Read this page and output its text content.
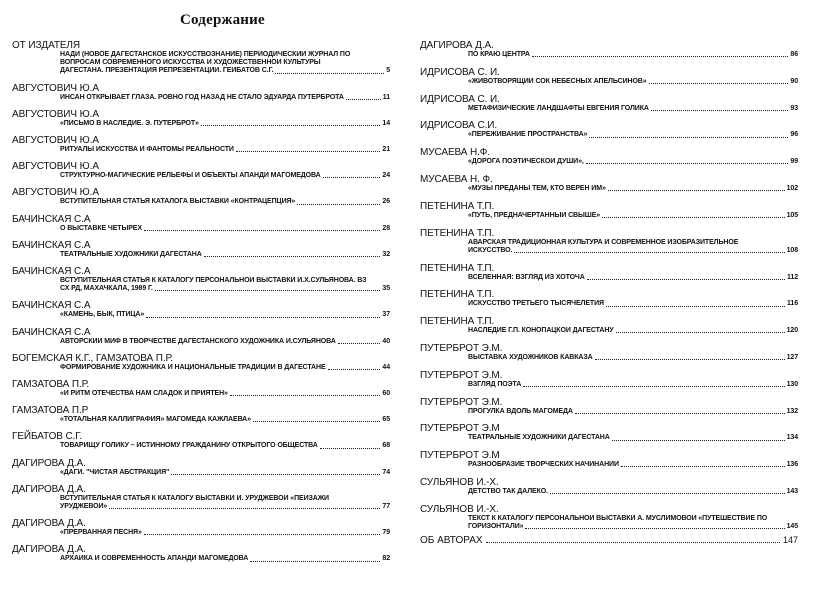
Содержание
ОТ ИЗДАТЕЛЯ
НАДИ (НОВОЕ ДАГЕСТАНСКОЕ ИСКУССТВОЗНАНИЕ) ПЕРИОДИЧЕСКИЙ ЖУРНАЛ ПО
ВОПРОСАМ СОВРЕМЕННОГО ИСКУССТВА И ХУДОЖЕСТВЕННОЙ КУЛЬТУРЫ
ДАГЕСТАНА. ПРЕЗЕНТАЦИЯ РЕПРЕЗЕНТАЦИЙ. ГЕЙБАТОВ С.Г.	5
АВГУСТОВИЧ Ю.А
ИНСАН ОТКРЫВАЕТ ГЛАЗА. РОВНО ГОД НАЗАД НЕ СТАЛО ЭДУАРДА ПУТЕРБРОТА	11
АВГУСТОВИЧ Ю.А
«ПИСЬМО В НАСЛЕДИЕ. Э. ПУТЕРБРОТ»	14
АВГУСТОВИЧ Ю.А
РИТУАЛЫ ИСКУССТВА И ФАНТОМЫ РЕАЛЬНОСТИ	21
АВГУСТОВИЧ Ю.А
СТРУКТУРНО-МАГИЧЕСКИЕ РЕЛЬЕФЫ И ОБЪЕКТЫ АПАНДИ МАГОМЕДОВА	24
АВГУСТОВИЧ Ю.А
ВСТУПИТЕЛЬНАЯ СТАТЬЯ КАТАЛОГА ВЫСТАВКИ «КОНТРАЦЕПЦИЯ»	26
БАЧИНСКАЯ С.А
О ВЫСТАВКЕ ЧЕТЫРЕХ	28
БАЧИНСКАЯ С.А
ТЕАТРАЛЬНЫЕ ХУДОЖНИКИ ДАГЕСТАНА	32
БАЧИНСКАЯ С.А
ВСТУПИТЕЛЬНАЯ СТАТЬЯ К КАТАЛОГУ ПЕРСОНАЛЬНОЙ ВЫСТАВКИ И.Х.СУЛЬЯНОВА. ВЗ
СХ РД, МАХАЧКАЛА, 1989 Г.	35
БАЧИНСКАЯ С.А
«КАМЕНЬ, БЫК, ПТИЦА»	37
БАЧИНСКАЯ С.А
АВТОРСКИЙ МИФ В ТВОРЧЕСТВЕ ДАГЕСТАНСКОГО ХУДОЖНИКА И.СУЛЬЯНОВА	40
БОГЕМСКАЯ К.Г., ГАМЗАТОВА П.Р.
ФОРМИРОВАНИЕ ХУДОЖНИКА И НАЦИОНАЛЬНЫЕ ТРАДИЦИИ В ДАГЕСТАНЕ	44
ГАМЗАТОВА П.Р.
«И РИТМ ОТЕЧЕСТВА НАМ СЛАДОК И ПРИЯТЕН»	60
ГАМЗАТОВА П.Р
«ТОТАЛЬНАЯ КАЛЛИГРАФИЯ» МАГОМЕДА КАЖЛАЕВА»	65
ГЕЙБАТОВ С.Г.
ТОВАРИЩУ ГОЛИКУ – ИСТИННОМУ ГРАЖДАНИНУ ОТКРЫТОГО ОБЩЕСТВА	68
ДАГИРОВА Д.А.
«ДАГИ. "ЧИСТАЯ АБСТРАКЦИЯ"	74
ДАГИРОВА Д.А.
ВСТУПИТЕЛЬНАЯ СТАТЬЯ К КАТАЛОГУ ВЫСТАВКИ И. УРУДЖЕВОЙ «ПЕЙЗАЖИ
УРУДЖЕВОЙ»	77
ДАГИРОВА Д.А.
«ПРЕРВАННАЯ ПЕСНЯ»	79
ДАГИРОВА Д.А.
АРХАИКА И СОВРЕМЕННОСТЬ АПАНДИ МАГОМЕДОВА	82
ДАГИРОВА Д.А.
ПО КРАЮ ЦЕНТРА	86
ИДРИСОВА С. И.
«ЖИВОТВОРЯЩИЙ СОК НЕБЕСНЫХ АПЕЛЬСИНОВ»	90
ИДРИСОВА С. И.
МЕТАФИЗИЧЕСКИЕ ЛАНДШАФТЫ ЕВГЕНИЯ ГОЛИКА	93
ИДРИСОВА С.И.
«ПЕРЕЖИВАНИЕ ПРОСТРАНСТВА»	96
МУСАЕВА Н.Ф.
«ДОРОГА ПОЭТИЧЕСКОЙ ДУШИ»,	99
МУСАЕВА Н. Ф.
«МУЗЫ ПРЕДАНЫ ТЕМ, КТО ВЕРЕН ИМ»	102
ПЕТЕНИНА Т.П.
«ПУТЬ, ПРЕДНАЧЕРТАННЫЙ СВЫШЕ»	105
ПЕТЕНИНА Т.П.
АВАРСКАЯ ТРАДИЦИОННАЯ КУЛЬТУРА И СОВРЕМЕННОЕ ИЗОБРАЗИТЕЛЬНОЕ
ИСКУССТВО.	108
ПЕТЕНИНА Т.П.
ВСЕЛЕННАЯ: ВЗГЛЯД ИЗ ХОТОЧА	112
ПЕТЕНИНА Т.П.
ИСКУССТВО ТРЕТЬЕГО ТЫСЯЧЕЛЕТИЯ	116
ПЕТЕНИНА Т.П.
НАСЛЕДИЕ Г.П. КОНОПАЦКОЙ ДАГЕСТАНУ	120
ПУТЕРБРОТ Э.М.
ВЫСТАВКА ХУДОЖНИКОВ КАВКАЗА	127
ПУТЕРБРОТ Э.М.
ВЗГЛЯД ПОЭТА	130
ПУТЕРБРОТ Э.М.
ПРОГУЛКА ВДОЛЬ МАГОМЕДА	132
ПУТЕРБРОТ Э.М
ТЕАТРАЛЬНЫЕ ХУДОЖНИКИ ДАГЕСТАНА	134
ПУТЕРБРОТ Э.М
РАЗНООБРАЗИЕ ТВОРЧЕСКИХ НАЧИНАНИЙ	136
СУЛЬЯНОВ И.-Х.
ДЕТСТВО ТАК ДАЛЕКО.	143
СУЛЬЯНОВ И.-Х.
ТЕКСТ К КАТАЛОГУ ПЕРСОНАЛЬНОЙ ВЫСТАВКИ А. МУСЛИМОВОЙ «ПУТЕШЕСТВИЕ ПО
ГОРИЗОНТАЛИ»	145
ОБ АВТОРАХ	147
